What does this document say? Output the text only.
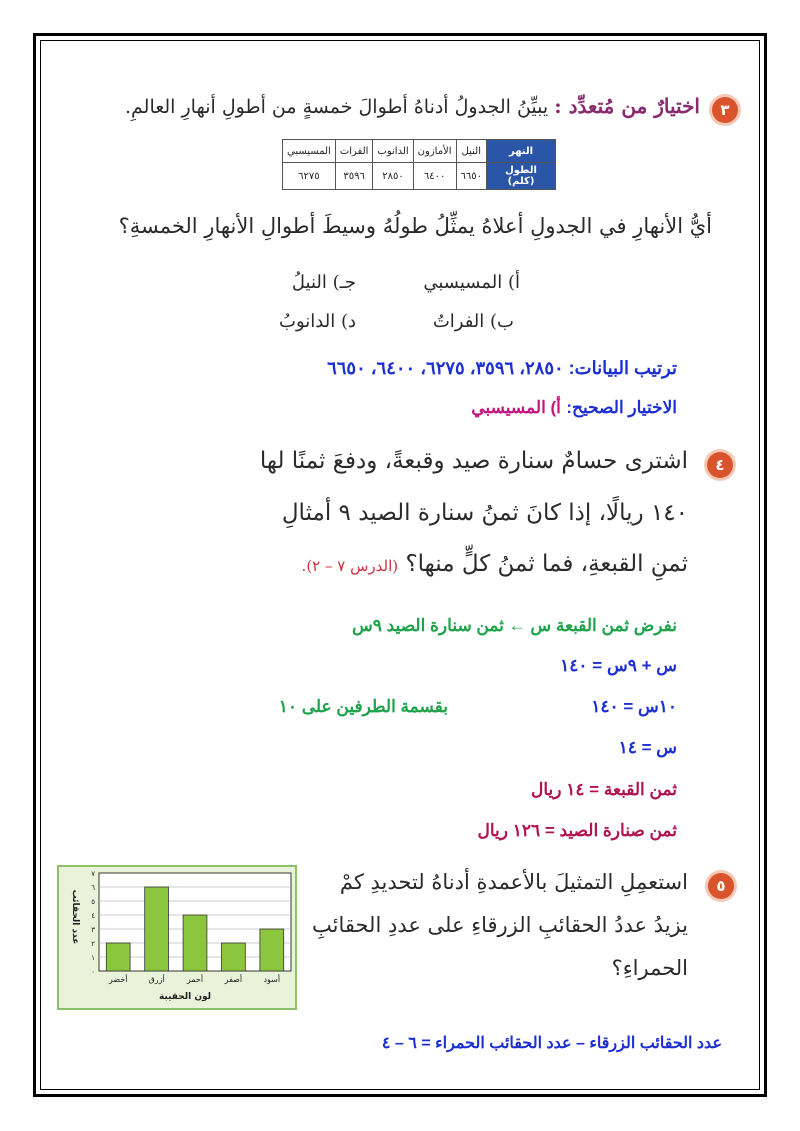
٣
اختيارٌ من مُتعدِّد : يبيِّنُ الجدولُ أدناهُ أطوالَ خمسةٍ من أطولِ أنهارِ العالمِ.
النهر	النيل	الأمازون	الدانوب	الفرات	المسيسبي
الطول (كلم)	٦٦٥٠	٦٤٠٠	٢٨٥٠	٣٥٩٦	٦٢٧٥
أيُّ الأنهارِ في الجدولِ أعلاهُ يمثِّلُ طولُهُ وسيطَ أطوالِ الأنهارِ الخمسةِ؟
أ) المسيسبي
جـ) النيلُ
ب) الفراتُ
د) الدانوبُ
ترتيب البيانات: ٢٨٥٠، ٣٥٩٦، ٦٢٧٥، ٦٤٠٠، ٦٦٥٠
الاختيار الصحيح: أ) المسيسبي
٤
اشترى حسامٌ سنارة صيد وقبعةً، ودفعَ ثمنًا لها
١٤٠ ريالًا، إذا كانَ ثمنُ سنارة الصيد ٩ أمثالِ
ثمنِ القبعةِ، فما ثمنُ كلٍّ منها؟ (الدرس ٧ – ٢).
نفرض ثمن القبعة س ← ثمن سنارة الصيد ٩س
س + ٩س = ١٤٠
١٠س = ١٤٠
بقسمة الطرفين على ١٠
س = ١٤
ثمن القبعة = ١٤ ريال
ثمن صنارة الصيد = ١٢٦ ريال
٥
استعمِلِ التمثيلَ بالأعمدةِ أدناهُ لتحديدِ كمْ
يزيدُ عددُ الحقائبِ الزرقاءِ على عددِ الحقائبِ
الحمراءِ؟
٠
١
٢
٣
٤
٥
٦
٧
أخضر	أزرق	أحمر	أصفر	أسود
لون الحقيبة
عدد الحقائب
عدد الحقائب الزرقاء – عدد الحقائب الحمراء = ٦ – ٤
